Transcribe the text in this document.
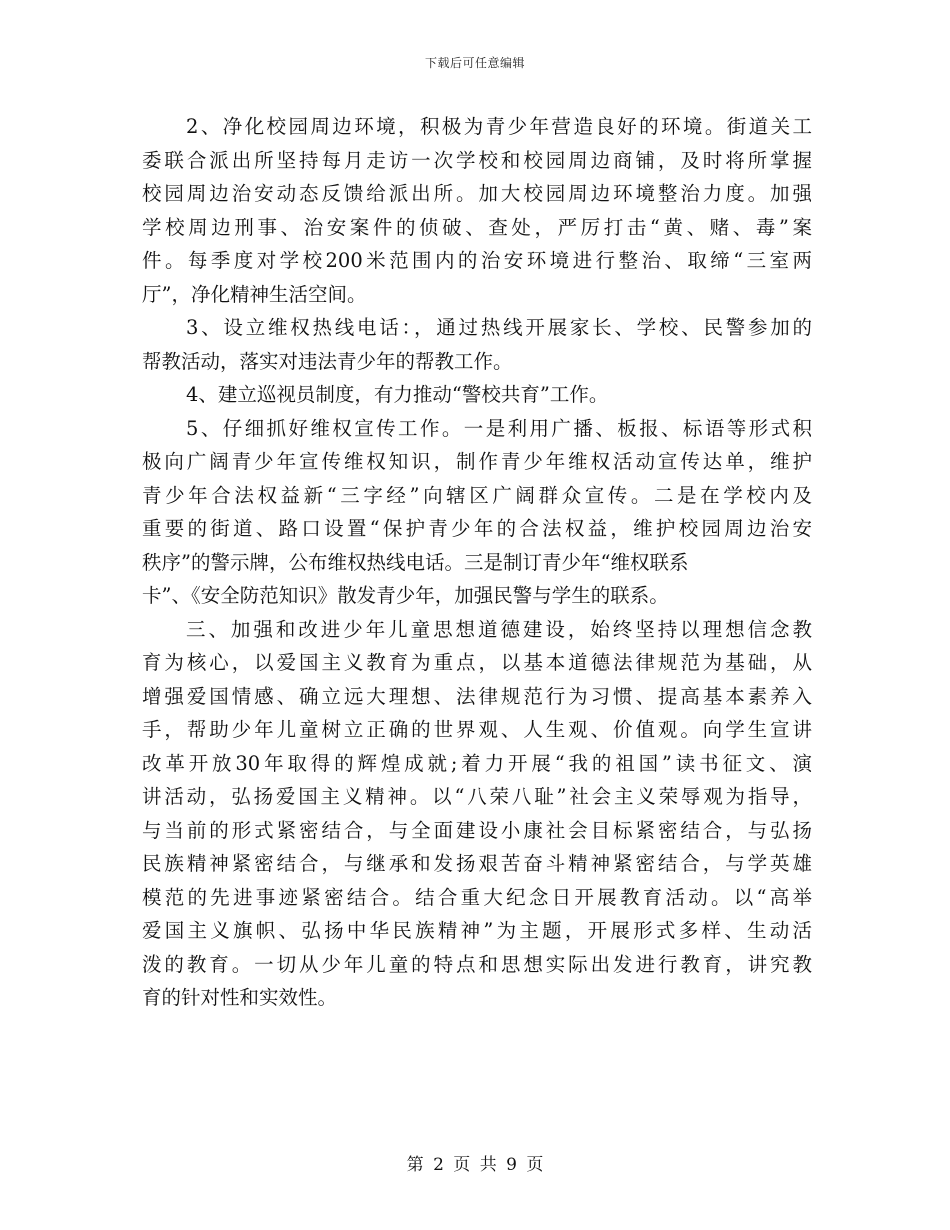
下载后可任意编辑
2、净化校园周边环境，积极为青少年营造良好的环境。街道关工
委联合派出所坚持每月走访一次学校和校园周边商铺，及时将所掌握
校园周边治安动态反馈给派出所。加大校园周边环境整治力度。加强
学校周边刑事、治安案件的侦破、查处，严厉打击“黄、赌、毒”案
件。每季度对学校200米范围内的治安环境进行整治、取缔“三室两
厅”，净化精神生活空间。
3、设立维权热线电话：，通过热线开展家长、学校、民警参加的
帮教活动，落实对违法青少年的帮教工作。
4、建立巡视员制度，有力推动“警校共育”工作。
5、仔细抓好维权宣传工作。一是利用广播、板报、标语等形式积
极向广阔青少年宣传维权知识，制作青少年维权活动宣传达单，维护
青少年合法权益新“三字经”向辖区广阔群众宣传。二是在学校内及
重要的街道、路口设置“保护青少年的合法权益，维护校园周边治安
秩序”的警示牌，公布维权热线电话。三是制订青少年“维权联系
卡”、《安全防范知识》散发青少年，加强民警与学生的联系。
三、加强和改进少年儿童思想道德建设，始终坚持以理想信念教
育为核心，以爱国主义教育为重点，以基本道德法律规范为基础，从
增强爱国情感、确立远大理想、法律规范行为习惯、提高基本素养入
手，帮助少年儿童树立正确的世界观、人生观、价值观。向学生宣讲
改革开放30年取得的辉煌成就;着力开展“我的祖国”读书征文、演
讲活动，弘扬爱国主义精神。以“八荣八耻”社会主义荣辱观为指导，
与当前的形式紧密结合，与全面建设小康社会目标紧密结合，与弘扬
民族精神紧密结合，与继承和发扬艰苦奋斗精神紧密结合，与学英雄
模范的先进事迹紧密结合。结合重大纪念日开展教育活动。以“高举
爱国主义旗帜、弘扬中华民族精神”为主题，开展形式多样、生动活
泼的教育。一切从少年儿童的特点和思想实际出发进行教育，讲究教
育的针对性和实效性。
第 2 页 共 9 页
